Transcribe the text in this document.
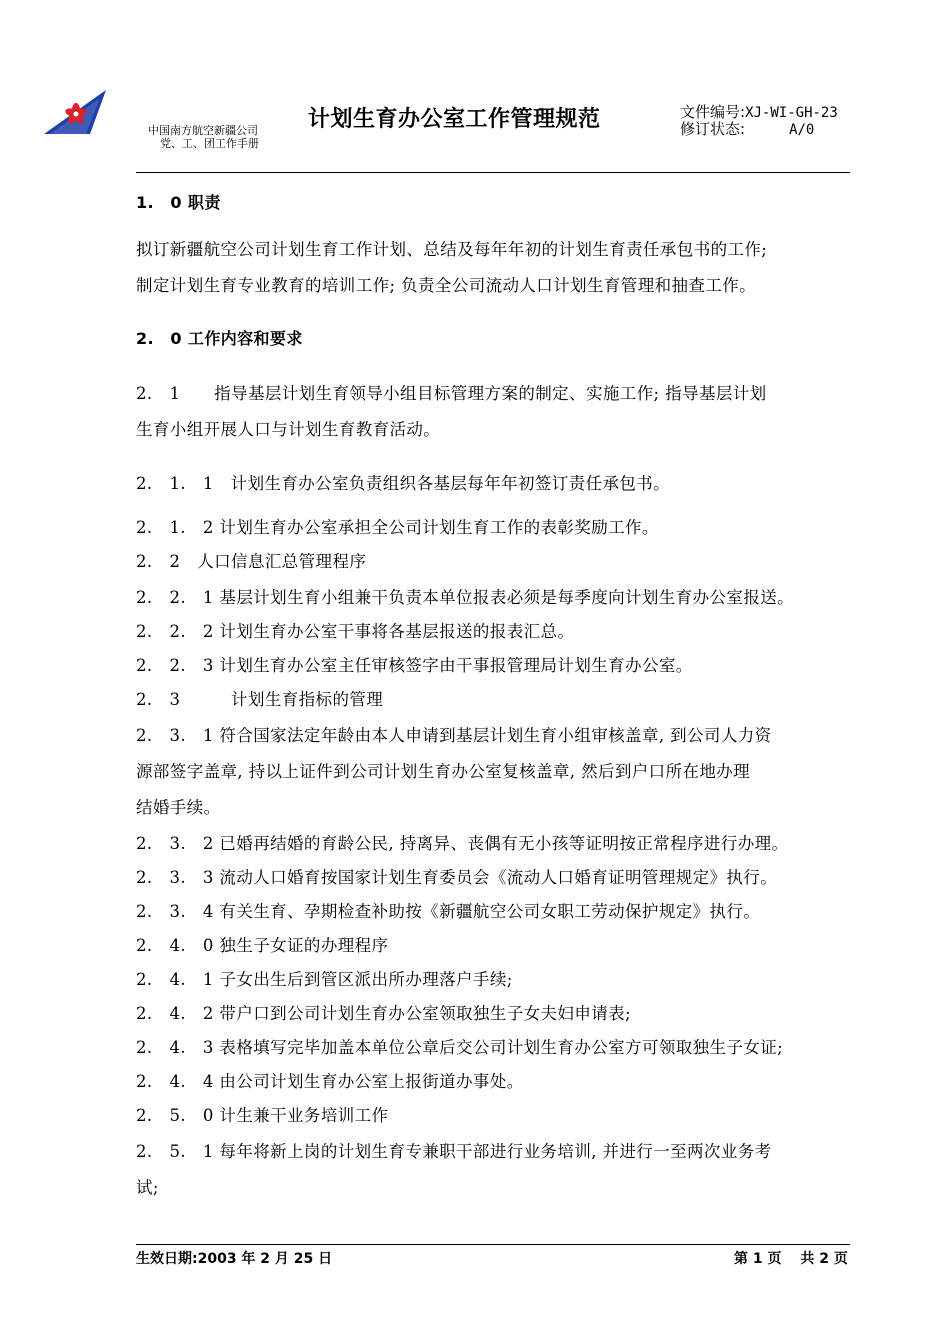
中国南方航空新疆公司
党、工、团工作手册
计划生育办公室工作管理规范	文件编号:XJ-WI-GH-23
修订状态:	A/0
1.　0 职责
拟订新疆航空公司计划生育工作计划、总结及每年年初的计划生育责任承包书的工作;
制定计划生育专业教育的培训工作; 负责全公司流动人口计划生育管理和抽查工作。
2.　0 工作内容和要求
2.　1　　指导基层计划生育领导小组目标管理方案的制定、实施工作; 指导基层计划
生育小组开展人口与计划生育教育活动。
2.　1.　1　计划生育办公室负责组织各基层每年年初签订责任承包书。
2.　1.　2 计划生育办公室承担全公司计划生育工作的表彰奖励工作。
2.　2　人口信息汇总管理程序
2.　2.　1 基层计划生育小组兼干负责本单位报表必须是每季度向计划生育办公室报送。
2.　2.　2 计划生育办公室干事将各基层报送的报表汇总。
2.　2.　3 计划生育办公室主任审核签字由干事报管理局计划生育办公室。
2.　3　　　计划生育指标的管理
2.　3.　1 符合国家法定年龄由本人申请到基层计划生育小组审核盖章, 到公司人力资
源部签字盖章, 持以上证件到公司计划生育办公室复核盖章, 然后到户口所在地办理
结婚手续。
2.　3.　2 已婚再结婚的育龄公民, 持离异、丧偶有无小孩等证明按正常程序进行办理。
2.　3.　3 流动人口婚育按国家计划生育委员会《流动人口婚育证明管理规定》执行。
2.　3.　4 有关生育、孕期检查补助按《新疆航空公司女职工劳动保护规定》执行。
2.　4.　0 独生子女证的办理程序
2.　4.　1 子女出生后到管区派出所办理落户手续;
2.　4.　2 带户口到公司计划生育办公室领取独生子女夫妇申请表;
2.　4.　3 表格填写完毕加盖本单位公章后交公司计划生育办公室方可领取独生子女证;
2.　4.　4 由公司计划生育办公室上报街道办事处。
2.　5.　0 计生兼干业务培训工作
2.　5.　1 每年将新上岗的计划生育专兼职干部进行业务培训, 并进行一至两次业务考
试;
生效日期:2003 年 2 月 25 日	第 1 页　 共 2 页
